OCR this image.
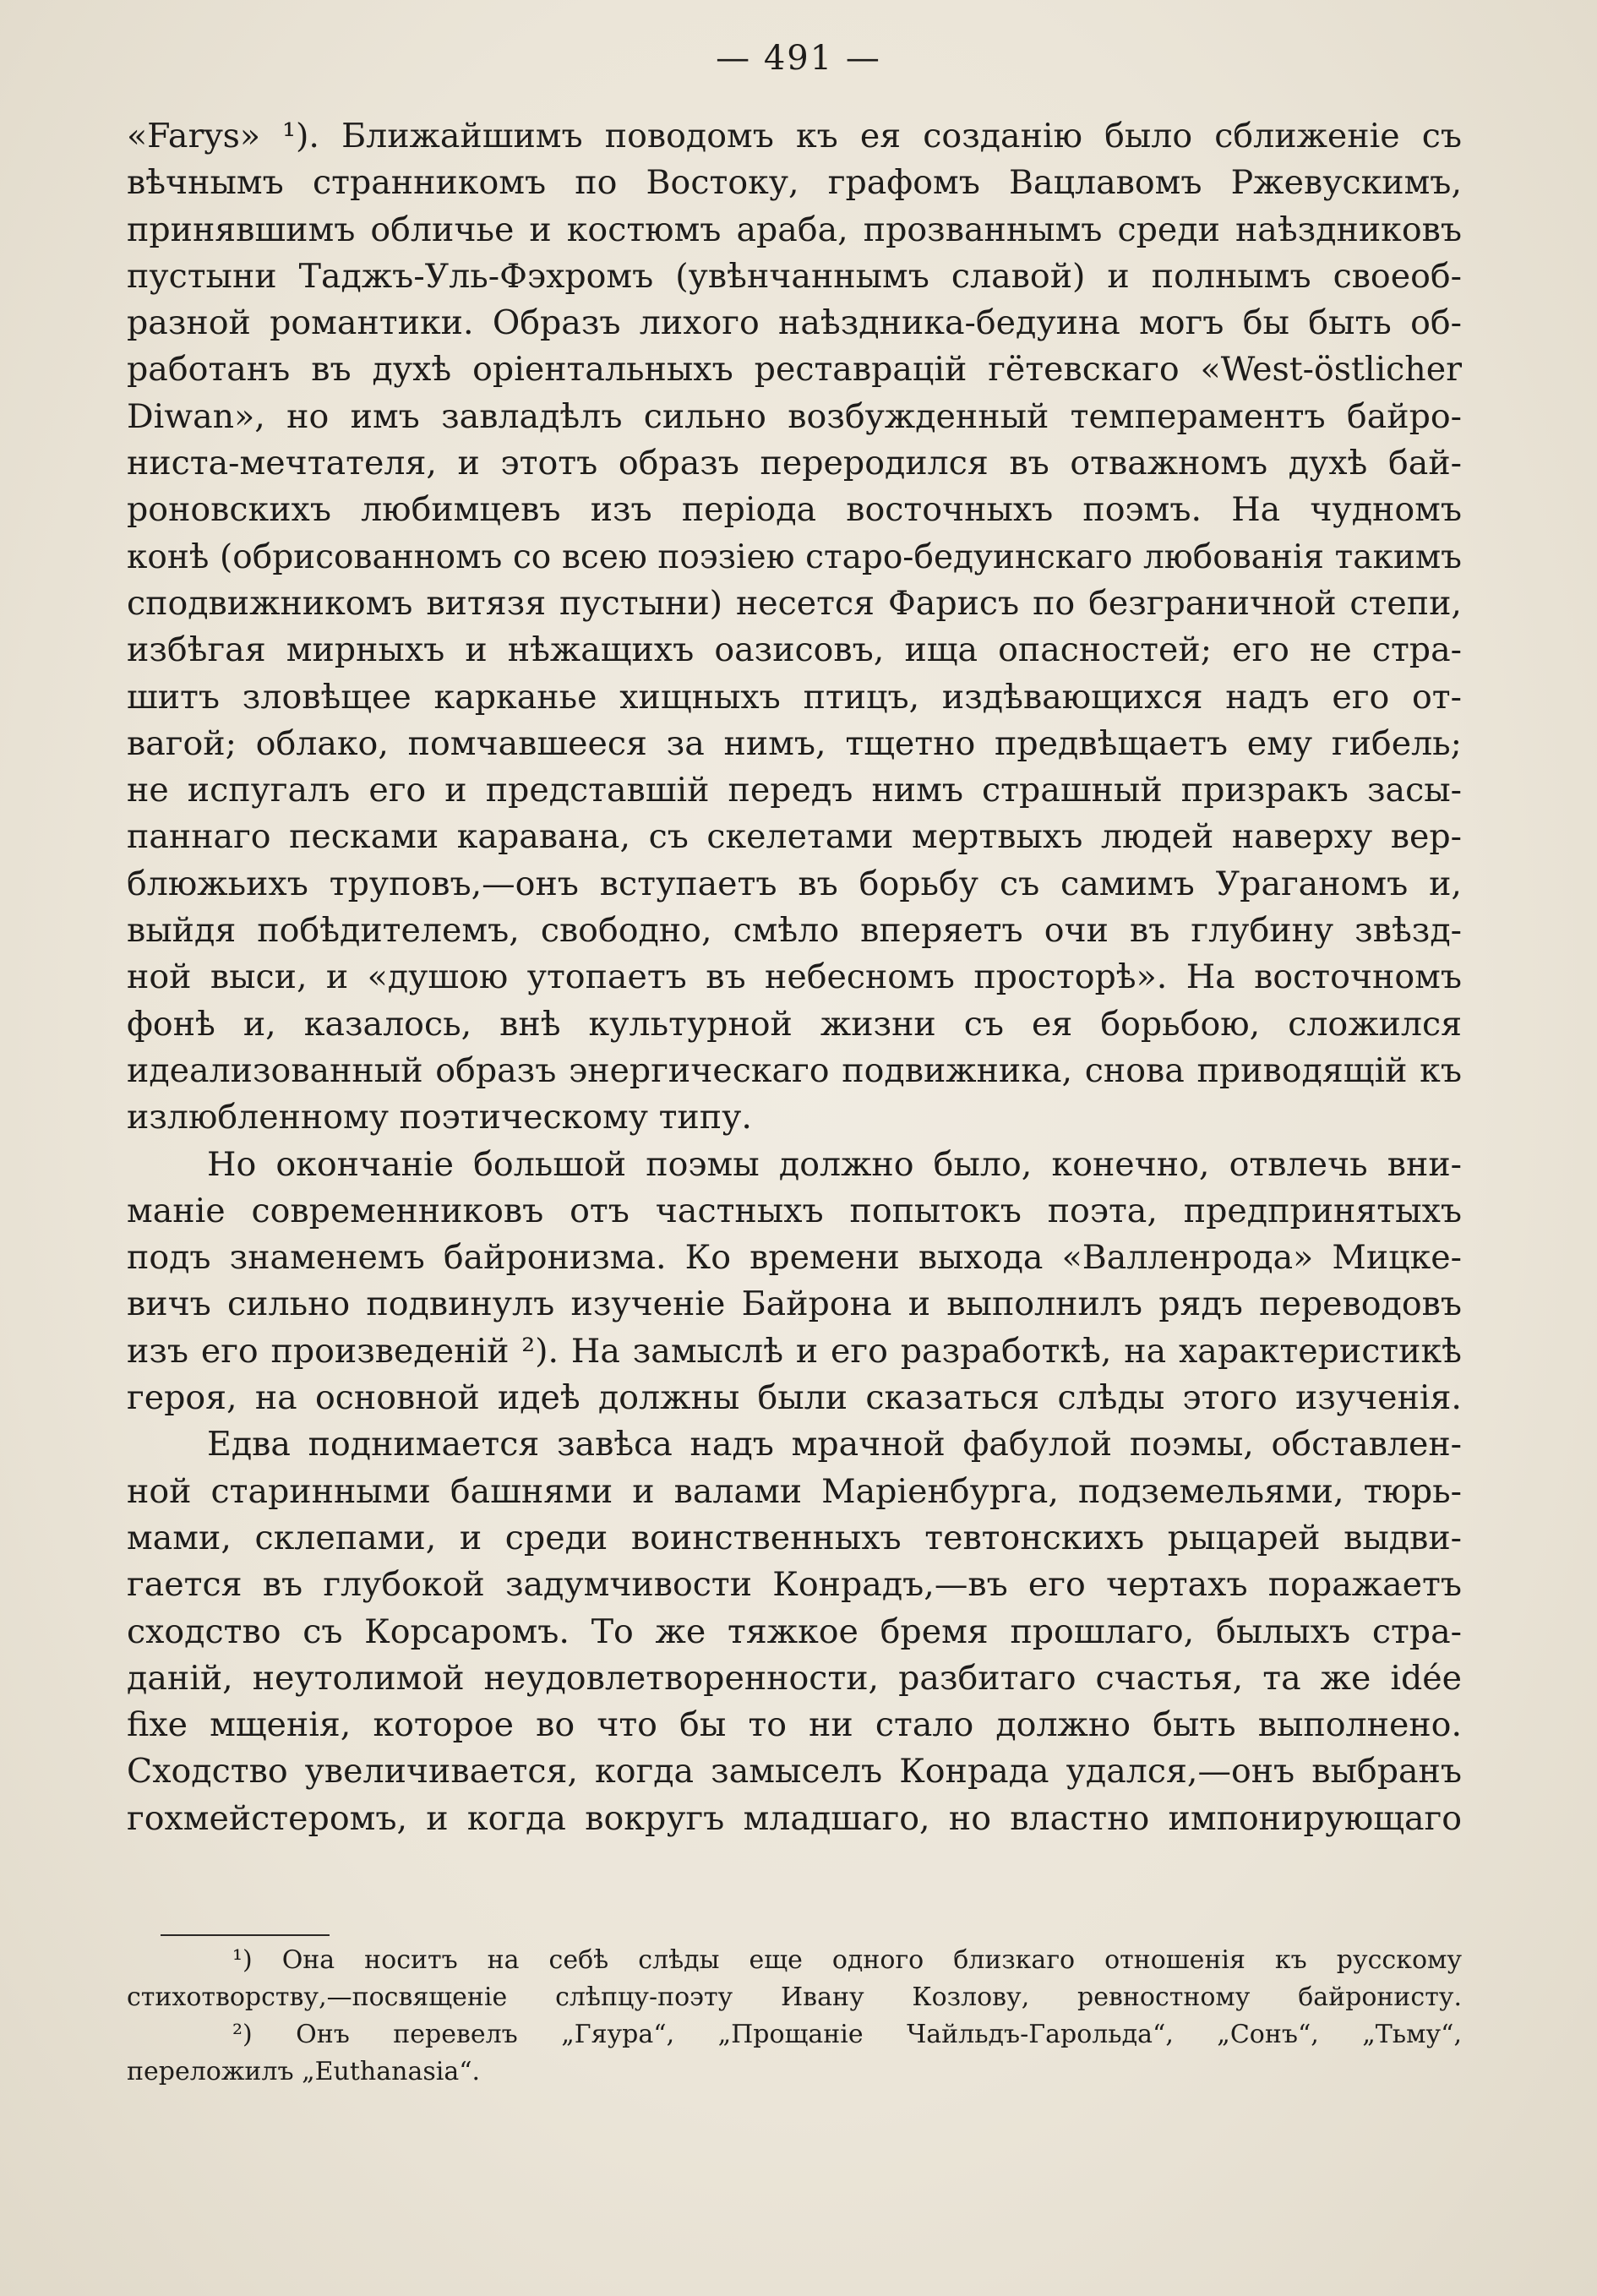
— 491 —
«Farys» ¹). Ближайшимъ поводомъ къ ея созданію было сближеніе съ
вѣчнымъ странникомъ по Востоку, графомъ Вацлавомъ Ржевускимъ,
принявшимъ обличье и костюмъ араба, прозваннымъ среди наѣздниковъ
пустыни Таджъ-Уль-Фэхромъ (увѣнчаннымъ славой) и полнымъ своеоб-
разной романтики. Образъ лихого наѣздника-бедуина могъ бы быть об-
работанъ въ духѣ оріентальныхъ реставрацій гётевскаго «West-östlicher
Diwan», но имъ завладѣлъ сильно возбужденный темпераментъ байро-
ниста-мечтателя, и этотъ образъ переродился въ отважномъ духѣ бай-
роновскихъ любимцевъ изъ періода восточныхъ поэмъ. На чудномъ
конѣ (обрисованномъ со всею поэзіею старо-бедуинскаго любованія такимъ
сподвижникомъ витязя пустыни) несется Фарисъ по безграничной степи,
избѣгая мирныхъ и нѣжащихъ оазисовъ, ища опасностей; его не стра-
шитъ зловѣщее карканье хищныхъ птицъ, издѣвающихся надъ его от-
вагой; облако, помчавшееся за нимъ, тщетно предвѣщаетъ ему гибель;
не испугалъ его и представшій передъ нимъ страшный призракъ засы-
паннаго песками каравана, съ скелетами мертвыхъ людей наверху вер-
блюжьихъ труповъ,—онъ вступаетъ въ борьбу съ самимъ Ураганомъ и,
выйдя побѣдителемъ, свободно, смѣло вперяетъ очи въ глубину звѣзд-
ной выси, и «душою утопаетъ въ небесномъ просторѣ». На восточномъ
фонѣ и, казалось, внѣ культурной жизни съ ея борьбою, сложился
идеализованный образъ энергическаго подвижника, снова приводящій къ
излюбленному поэтическому типу.
Но окончаніе большой поэмы должно было, конечно, отвлечь вни-
маніе современниковъ отъ частныхъ попытокъ поэта, предпринятыхъ
подъ знаменемъ байронизма. Ко времени выхода «Валленрода» Мицке-
вичъ сильно подвинулъ изученіе Байрона и выполнилъ рядъ переводовъ
изъ его произведеній ²). На замыслѣ и его разработкѣ, на характеристикѣ
героя, на основной идеѣ должны были сказаться слѣды этого изученія.
Едва поднимается завѣса надъ мрачной фабулой поэмы, обставлен-
ной старинными башнями и валами Маріенбурга, подземельями, тюрь-
мами, склепами, и среди воинственныхъ тевтонскихъ рыцарей выдви-
гается въ глубокой задумчивости Конрадъ,—въ его чертахъ поражаетъ
сходство съ Корсаромъ. То же тяжкое бремя прошлаго, былыхъ стра-
даній, неутолимой неудовлетворенности, разбитаго счастья, та же idée
fixe мщенія, которое во что бы то ни стало должно быть выполнено.
Сходство увеличивается, когда замыселъ Конрада удался,—онъ выбранъ
гохмейстеромъ, и когда вокругъ младшаго, но властно импонирующаго
¹) Она носитъ на себѣ слѣды еще одного близкаго отношенія къ русскому
стихотворству,—посвященіе слѣпцу-поэту Ивану Козлову, ревностному байронисту.
²) Онъ перевелъ „Гяура“, „Прощаніе Чайльдъ-Гарольда“, „Сонъ“, „Тьму“,
переложилъ „Euthanasia“.
